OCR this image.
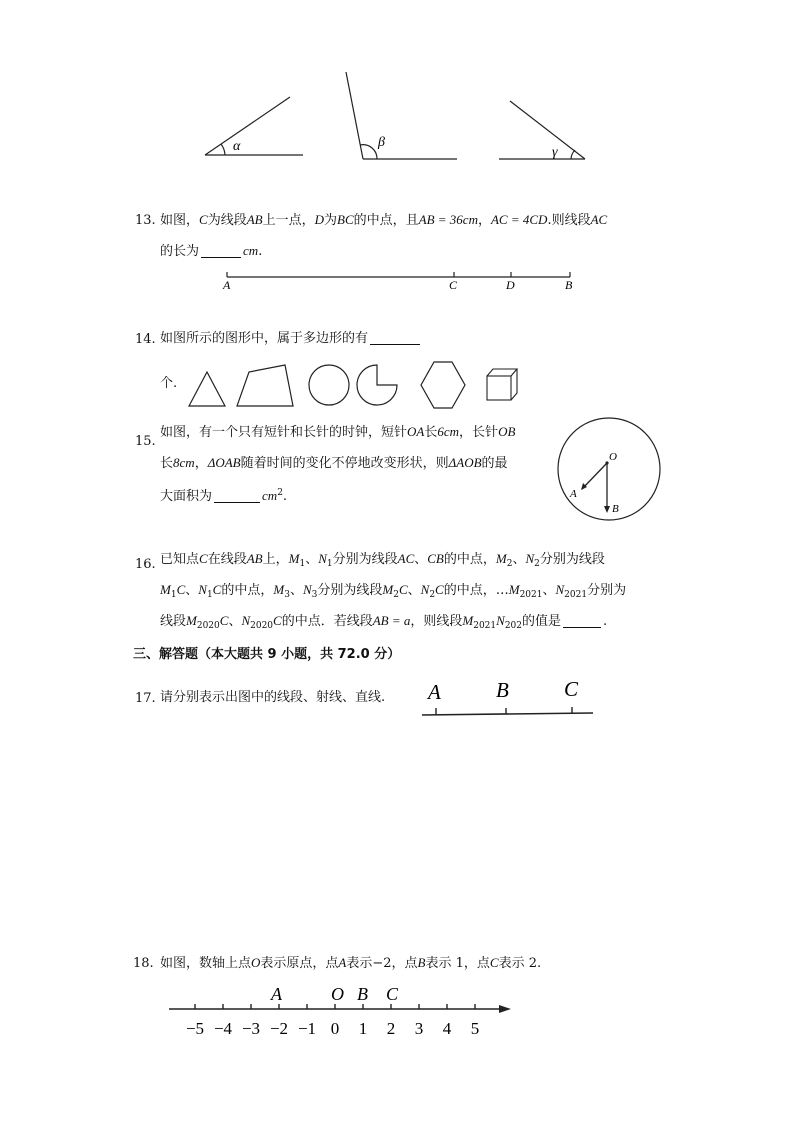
α	β
γ
13. 如图，C为线段AB上一点，D为BC的中点，且AB = 36cm，AC = 4CD.则线段AC
的长为	cm.
A	C	D	B
14. 如图所示的图形中，属于多边形的有
个.
15.
如图，有一个只有短针和长针的时钟，短针OA长6cm，长针OB
长8cm，ΔOAB随着时间的变化不停地改变形状，则ΔAOB的最
大面积为	$cm^2$.
O
A
B
16. 已知点C在线段AB上，$M_1$、$N_1$分别为线段AC、CB的中点，$M_2$、$N_2$分别为线段
$M_1C$、$N_1C$的中点，$M_3$、$N_3$分别为线段$M_2C$、$N_2C$的中点，$\dots M_{2021}$、$N_{2021}$分别为
线段$M_{2020}C$、$N_{2020}C$的中点．若线段AB = a，则线段$M_{2021}N_{202}$的值是	.
三、解答题（本大题共 9 小题，共 72.0 分）
17. 请分别表示出图中的线段、射线、直线. A	B	C
18. 如图，数轴上点O表示原点，点A表示−2，点B表示 1，点C表示 2.
−5 −4 −3 −2 −1 0 1 2 3 4 5
A	O B C
